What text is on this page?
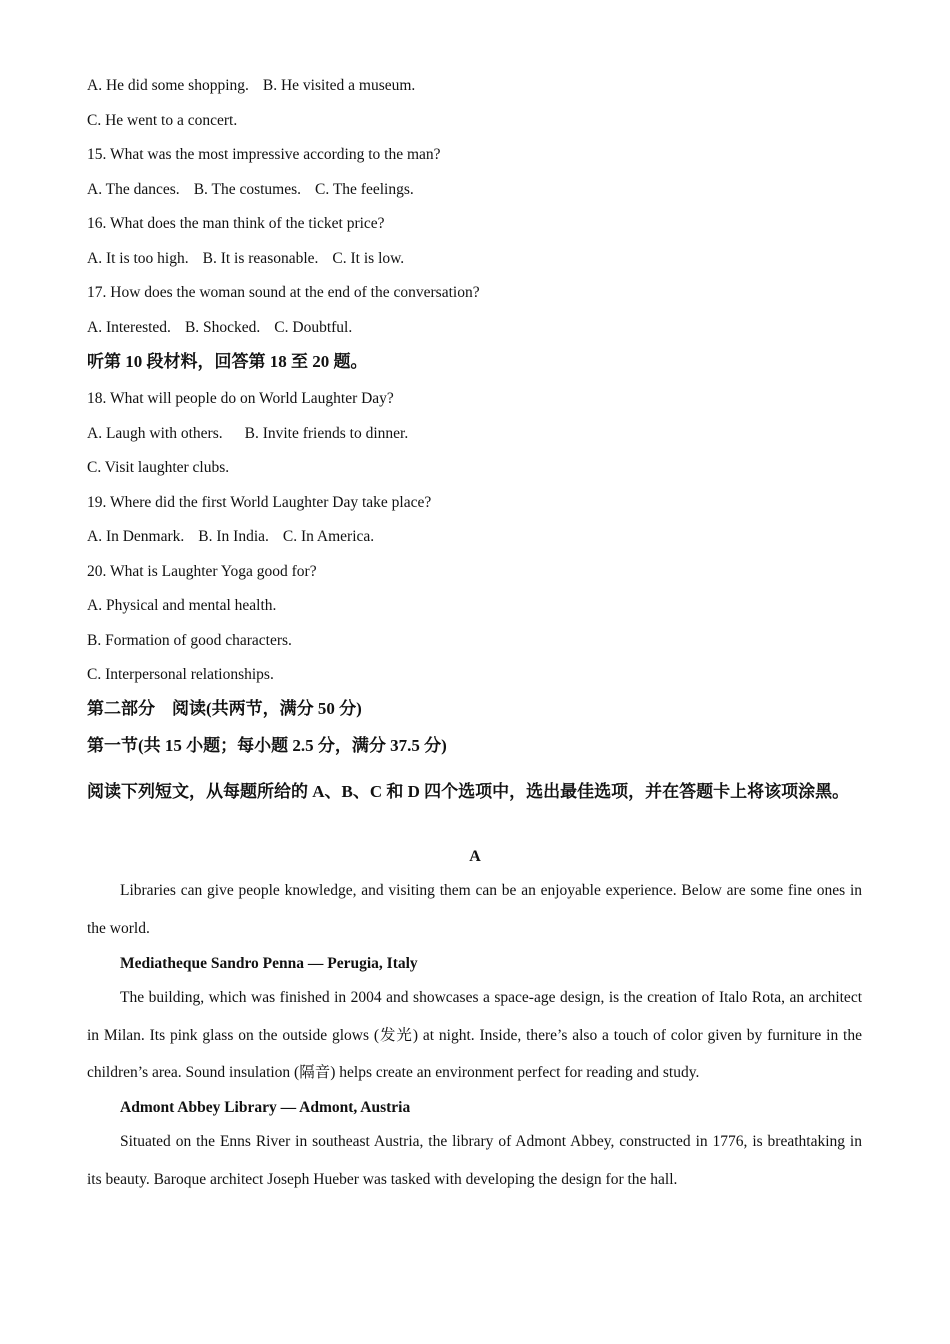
A. He did some shopping. B. He visited a museum.
C. He went to a concert.
15. What was the most impressive according to the man?
A. The dances. B. The costumes. C. The feelings.
16. What does the man think of the ticket price?
A. It is too high. B. It is reasonable. C. It is low.
17. How does the woman sound at the end of the conversation?
A. Interested. B. Shocked. C. Doubtful.
听第 10 段材料，回答第 18 至 20 题。
18. What will people do on World Laughter Day?
A. Laugh with others. B. Invite friends to dinner.
C. Visit laughter clubs.
19. Where did the first World Laughter Day take place?
A. In Denmark. B. In India. C. In America.
20. What is Laughter Yoga good for?
A. Physical and mental health.
B. Formation of good characters.
C. Interpersonal relationships.
第二部分　阅读(共两节，满分 50 分)
第一节(共 15 小题；每小题 2.5 分，满分 37.5 分)
阅读下列短文，从每题所给的 A、B、C 和 D 四个选项中，选出最佳选项，并在答题卡上将该项涂黑。
A
Libraries can give people knowledge, and visiting them can be an enjoyable experience. Below are some fine ones in the world.
Mediatheque Sandro Penna — Perugia, Italy
The building, which was finished in 2004 and showcases a space-age design, is the creation of Italo Rota, an architect in Milan. Its pink glass on the outside glows (发光) at night. Inside, there’s also a touch of color given by furniture in the children’s area. Sound insulation (隔音) helps create an environment perfect for reading and study.
Admont Abbey Library — Admont, Austria
Situated on the Enns River in southeast Austria, the library of Admont Abbey, constructed in 1776, is breathtaking in its beauty. Baroque architect Joseph Hueber was tasked with developing the design for the hall.
